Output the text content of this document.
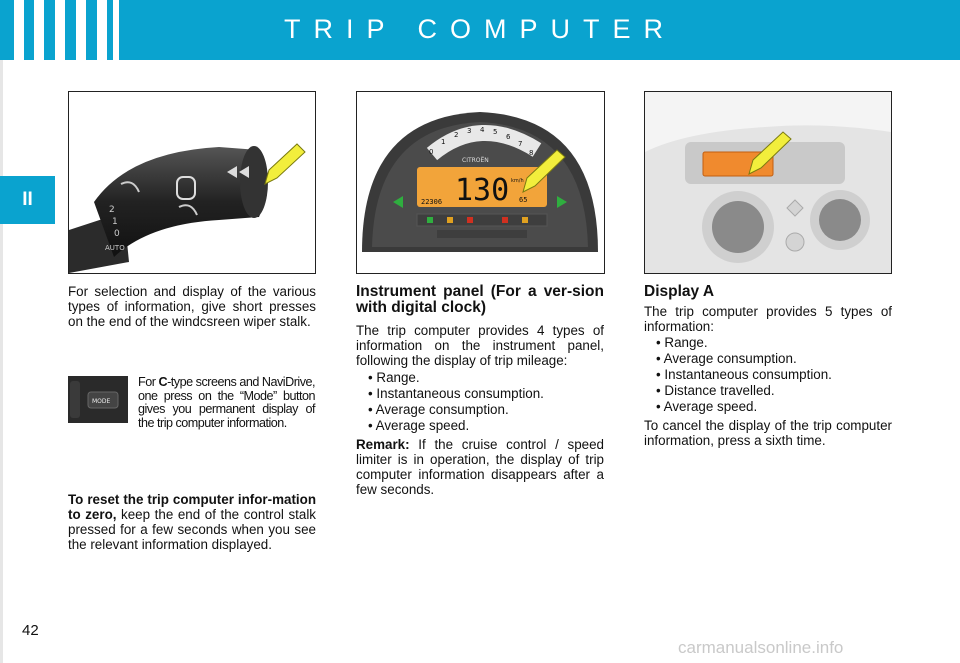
TRIP COMPUTER
II	2
1
0
AUTO
0
1
2 3 4 5
6
7
8
CITROËN
130 km/h
22306	65
For selection and display of the various types of information, give short presses on the end of the windcsreen wiper stalk.
MODE
For C-type screens and NaviDrive, one press on the “Mode” button gives you permanent display of the trip computer information.
To reset the trip computer infor-mation to zero, keep the end of the control stalk pressed for a few seconds when you see the relevant information displayed.
Instrument panel (For a ver-sion with digital clock)
The trip computer provides 4 types of information on the instrument panel, following the display of trip mileage:
• Range.
• Instantaneous consumption.
• Average consumption.
• Average speed.
Remark: If the cruise control / speed limiter is in operation, the display of trip computer information disappears after a few seconds.
Display A
The trip computer provides 5 types of information:
• Range.
• Average consumption.
• Instantaneous consumption.
• Distance travelled.
• Average speed.
To cancel the display of the trip computer information, press a sixth time.
42
carmanualsonline.info
